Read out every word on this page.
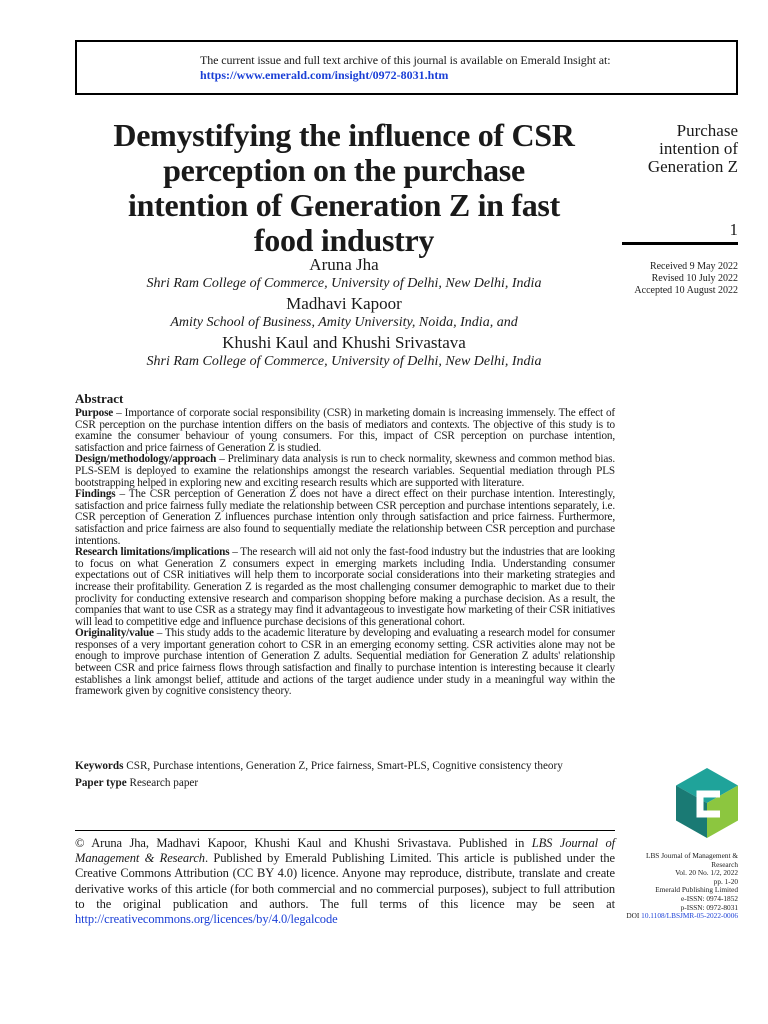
The current issue and full text archive of this journal is available on Emerald Insight at:
https://www.emerald.com/insight/0972-8031.htm
Demystifying the influence of CSR
perception on the purchase
intention of Generation Z in fast
food industry
Purchase
intention of
Generation Z
1
Received 9 May 2022
Revised 10 July 2022
Accepted 10 August 2022
Aruna Jha
Shri Ram College of Commerce, University of Delhi, New Delhi, India
Madhavi Kapoor
Amity School of Business, Amity University, Noida, India, and
Khushi Kaul and Khushi Srivastava
Shri Ram College of Commerce, University of Delhi, New Delhi, India
Abstract

Purpose – Importance of corporate social responsibility (CSR) in marketing domain is increasing immensely. The effect of CSR perception on the purchase intention differs on the basis of mediators and contexts. The objective of this study is to examine the consumer behaviour of young consumers. For this, impact of CSR perception on purchase intention, satisfaction and price fairness of Generation Z is studied.

Design/methodology/approach – Preliminary data analysis is run to check normality, skewness and common method bias. PLS-SEM is deployed to examine the relationships amongst the research variables. Sequential mediation through PLS bootstrapping helped in exploring new and exciting research results which are supported with literature.

Findings – The CSR perception of Generation Z does not have a direct effect on their purchase intention. Interestingly, satisfaction and price fairness fully mediate the relationship between CSR perception and purchase intentions separately, i.e. CSR perception of Generation Z influences purchase intention only through satisfaction and price fairness. Furthermore, satisfaction and price fairness are also found to sequentially mediate the relationship between CSR perception and purchase intentions.

Research limitations/implications – The research will aid not only the fast-food industry but the industries that are looking to focus on what Generation Z consumers expect in emerging markets including India. Understanding consumer expectations out of CSR initiatives will help them to incorporate social considerations into their marketing strategies and increase their profitability. Generation Z is regarded as the most challenging consumer demographic to market due to their proclivity for conducting extensive research and comparison shopping before making a purchase decision. As a result, the companies that want to use CSR as a strategy may find it advantageous to investigate how marketing of their CSR initiatives will lead to competitive edge and influence purchase decisions of this generational cohort.

Originality/value – This study adds to the academic literature by developing and evaluating a research model for consumer responses of a very important generation cohort to CSR in an emerging economy setting. CSR activities alone may not be enough to improve purchase intention of Generation Z adults. Sequential mediation for Generation Z adults' relationship between CSR and price fairness flows through satisfaction and finally to purchase intention is interesting because it clearly establishes a link amongst belief, attitude and actions of the target audience under study in a meaningful way within the framework given by cognitive consistency theory.

Keywords CSR, Purchase intentions, Generation Z, Price fairness, Smart-PLS, Cognitive consistency theory
Paper type Research paper
© Aruna Jha, Madhavi Kapoor, Khushi Kaul and Khushi Srivastava. Published in LBS Journal of Management & Research. Published by Emerald Publishing Limited. This article is published under the Creative Commons Attribution (CC BY 4.0) licence. Anyone may reproduce, distribute, translate and create derivative works of this article (for both commercial and no commercial purposes), subject to full attribution to the original publication and authors. The full terms of this licence may be seen at http://creativecommons.org/licences/by/4.0/legalcode
LBS Journal of Management &
Research
Vol. 20 No. 1/2, 2022
pp. 1-20
Emerald Publishing Limited
e-ISSN: 0974-1852
p-ISSN: 0972-8031
DOI 10.1108/LBSJMR-05-2022-0006
